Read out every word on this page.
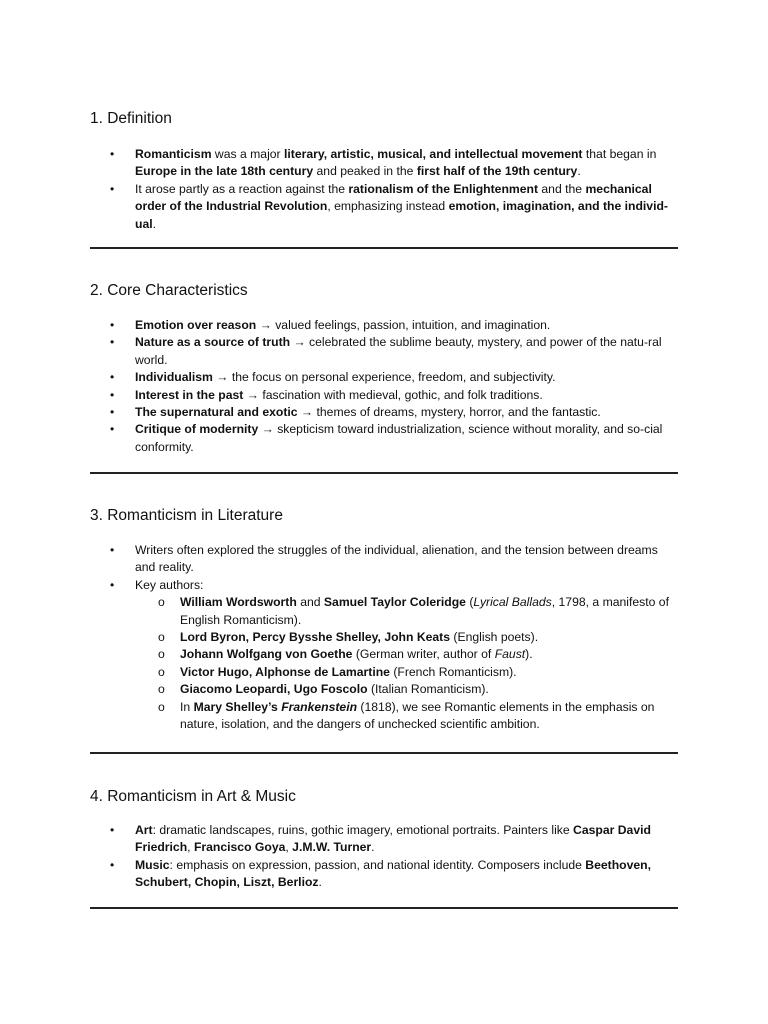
1. Definition
• Romanticism was a major literary, artistic, musical, and intellectual movement that began in Europe in the late 18th century and peaked in the first half of the 19th century.
• It arose partly as a reaction against the rationalism of the Enlightenment and the mechanical order of the Industrial Revolution, emphasizing instead emotion, imagination, and the individ-ual.
2. Core Characteristics
• Emotion over reason → valued feelings, passion, intuition, and imagination.
• Nature as a source of truth → celebrated the sublime beauty, mystery, and power of the natu-ral world.
• Individualism → the focus on personal experience, freedom, and subjectivity.
• Interest in the past → fascination with medieval, gothic, and folk traditions.
• The supernatural and exotic → themes of dreams, mystery, horror, and the fantastic.
• Critique of modernity → skepticism toward industrialization, science without morality, and so-cial conformity.
3. Romanticism in Literature
• Writers often explored the struggles of the individual, alienation, and the tension between dreams and reality.
• Key authors:
o William Wordsworth and Samuel Taylor Coleridge (Lyrical Ballads, 1798, a manifesto of English Romanticism).
o Lord Byron, Percy Bysshe Shelley, John Keats (English poets).
o Johann Wolfgang von Goethe (German writer, author of Faust).
o Victor Hugo, Alphonse de Lamartine (French Romanticism).
o Giacomo Leopardi, Ugo Foscolo (Italian Romanticism).
o In Mary Shelley’s Frankenstein (1818), we see Romantic elements in the emphasis on nature, isolation, and the dangers of unchecked scientific ambition.
4. Romanticism in Art & Music
• Art: dramatic landscapes, ruins, gothic imagery, emotional portraits. Painters like Caspar David Friedrich, Francisco Goya, J.M.W. Turner.
• Music: emphasis on expression, passion, and national identity. Composers include Beethoven, Schubert, Chopin, Liszt, Berlioz.
